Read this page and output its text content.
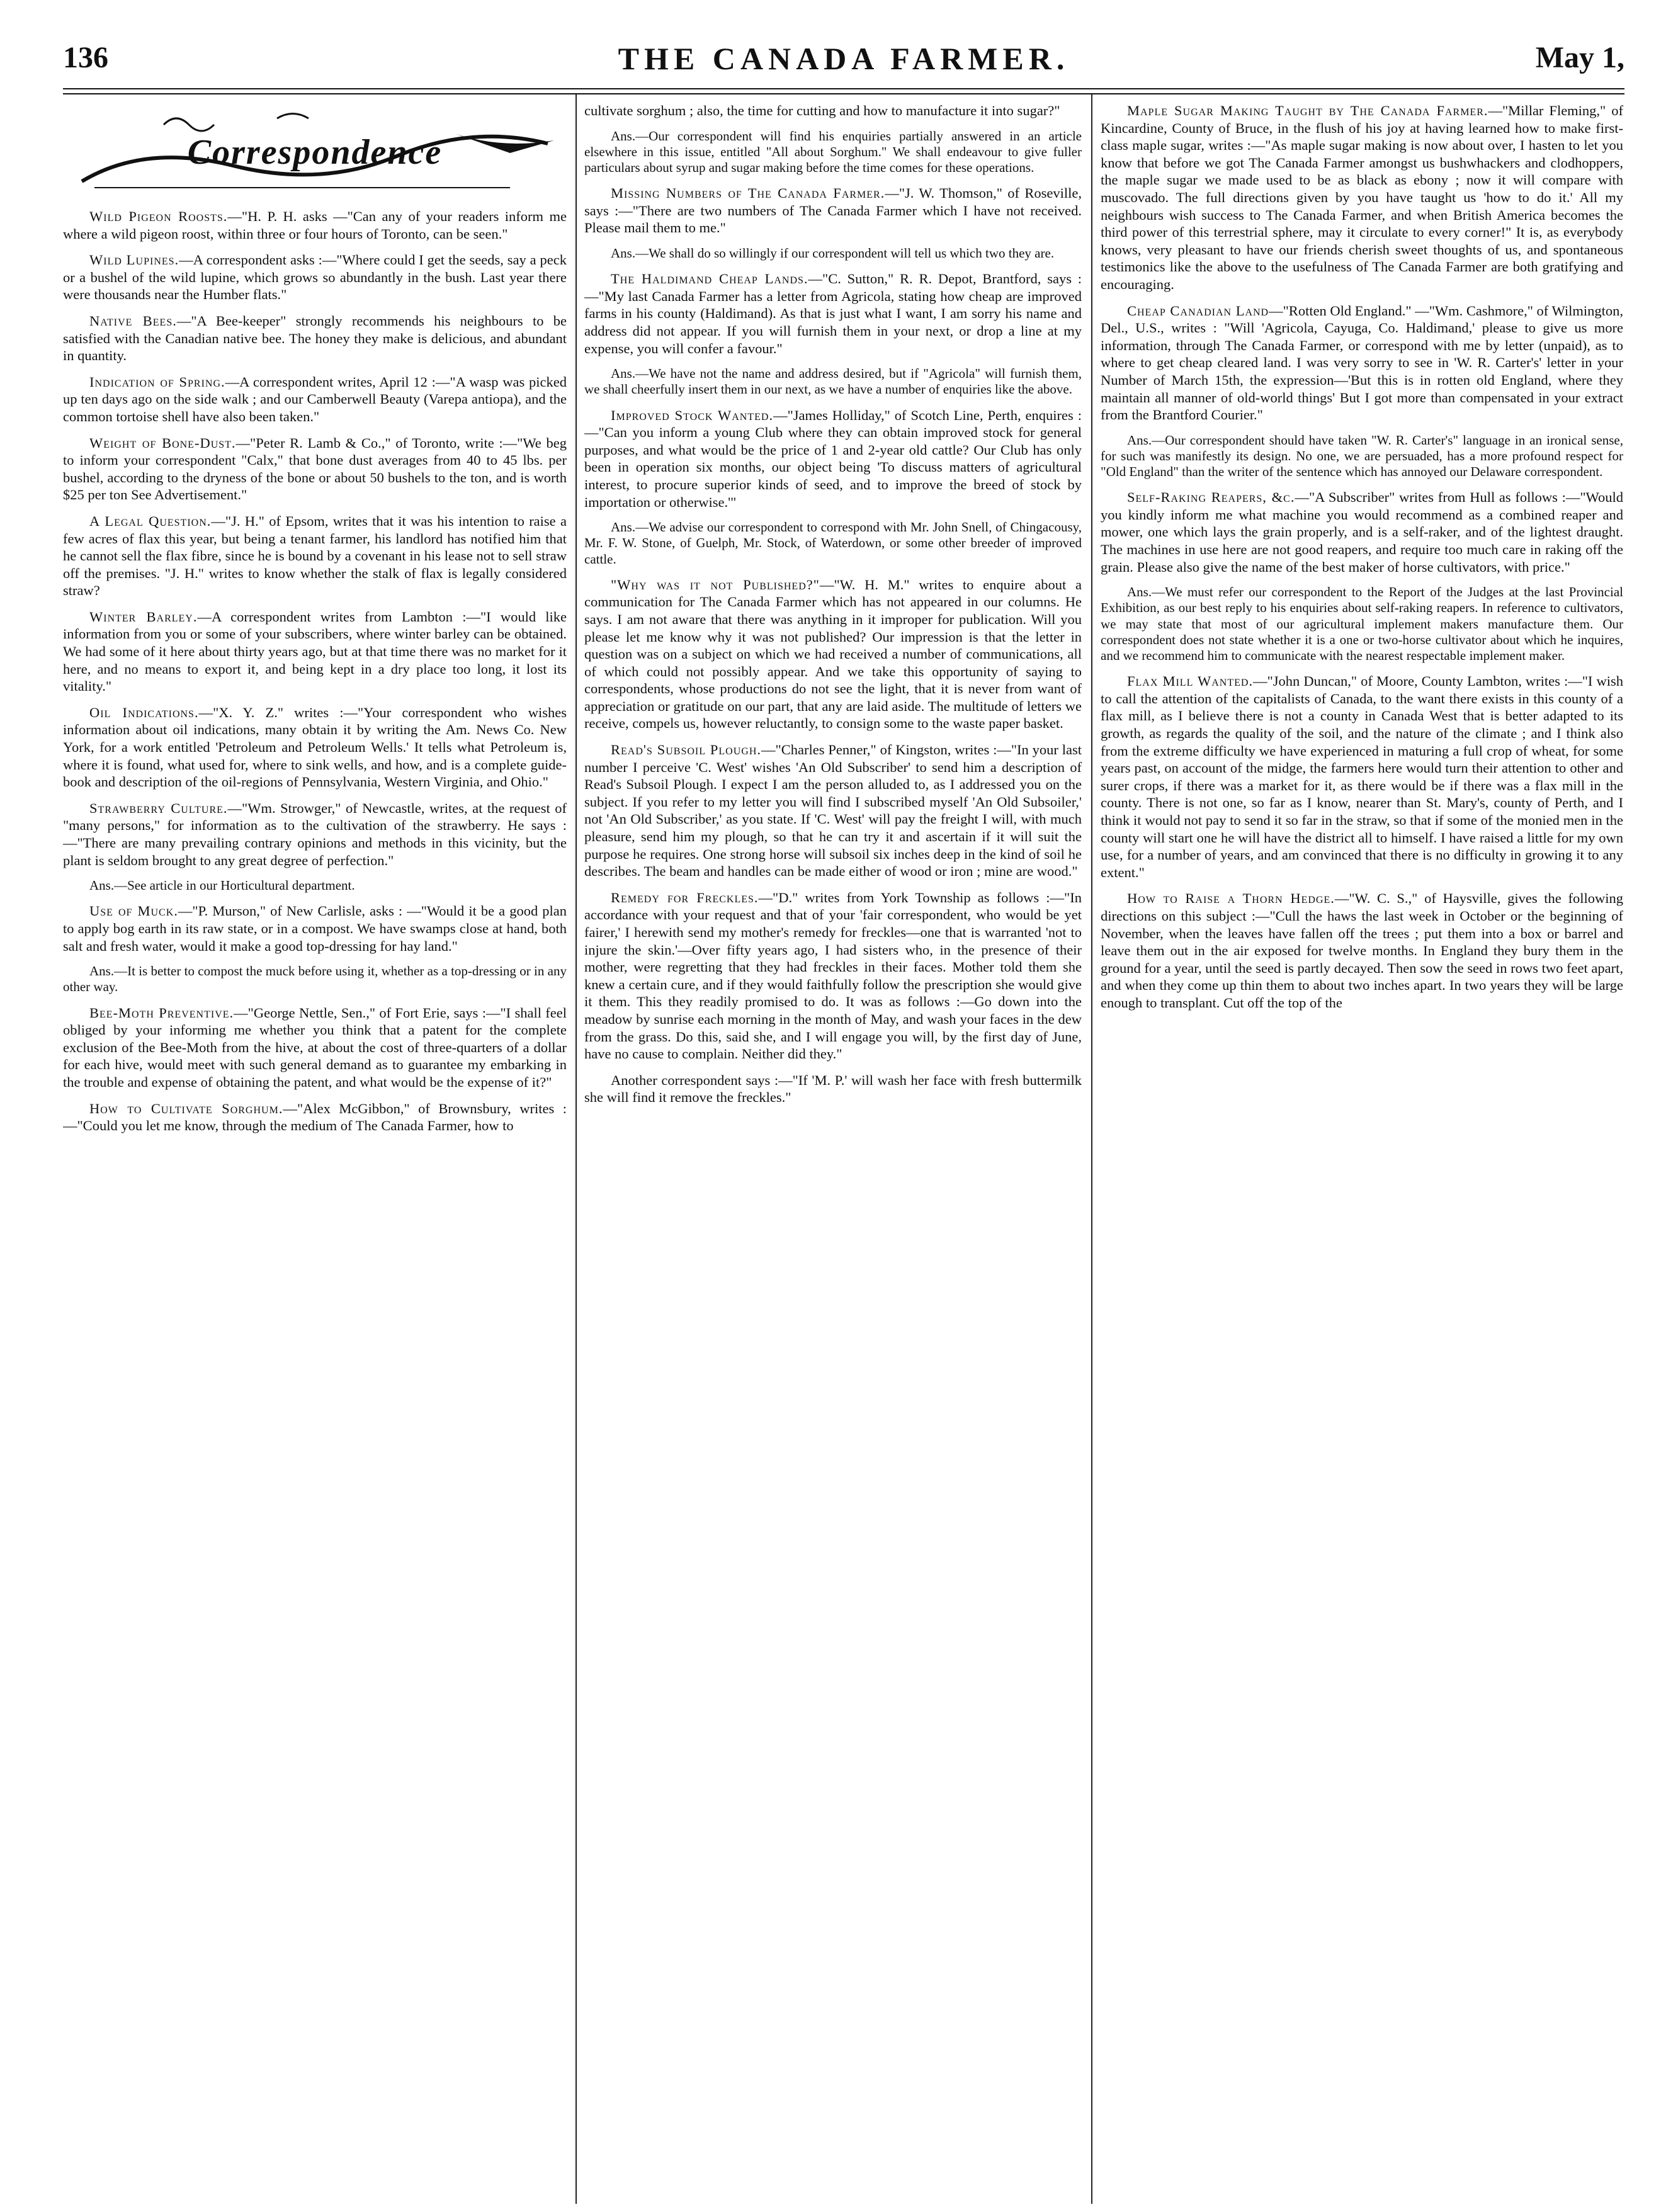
136	THE CANADA FARMER.	May 1,
Correspondence

Wild Pigeon Roosts.—"H. P. H. asks —"Can any of your readers inform me where a wild pigeon roost, within three or four hours of Toronto, can be seen."

Wild Lupines.—A correspondent asks :—"Where could I get the seeds, say a peck or a bushel of the wild lupine, which grows so abundantly in the bush. Last year there were thousands near the Humber flats."

Native Bees.—"A Bee-keeper" strongly recommends his neighbours to be satisfied with the Canadian native bee. The honey they make is delicious, and abundant in quantity.

Indication of Spring.—A correspondent writes, April 12 :—"A wasp was picked up ten days ago on the side walk ; and our Camberwell Beauty (Varepa antiopa), and the common tortoise shell have also been taken."

Weight of Bone-Dust.—"Peter R. Lamb & Co.," of Toronto, write :—"We beg to inform your correspondent "Calx," that bone dust averages from 40 to 45 lbs. per bushel, according to the dryness of the bone or about 50 bushels to the ton, and is worth $25 per ton See Advertisement."

A Legal Question.—"J. H." of Epsom, writes that it was his intention to raise a few acres of flax this year, but being a tenant farmer, his landlord has notified him that he cannot sell the flax fibre, since he is bound by a covenant in his lease not to sell straw off the premises. "J. H." writes to know whether the stalk of flax is legally considered straw?

Winter Barley.—A correspondent writes from Lambton :—"I would like information from you or some of your subscribers, where winter barley can be obtained. We had some of it here about thirty years ago, but at that time there was no market for it here, and no means to export it, and being kept in a dry place too long, it lost its vitality."

Oil Indications.—"X. Y. Z." writes :—"Your correspondent who wishes information about oil indications, many obtain it by writing the Am. News Co. New York, for a work entitled 'Petroleum and Petroleum Wells.' It tells what Petroleum is, where it is found, what used for, where to sink wells, and how, and is a complete guide-book and description of the oil-regions of Pennsylvania, Western Virginia, and Ohio."

Strawberry Culture.—"Wm. Strowger," of Newcastle, writes, at the request of "many persons," for information as to the cultivation of the strawberry. He says :—"There are many prevailing contrary opinions and methods in this vicinity, but the plant is seldom brought to any great degree of perfection."

Ans.—See article in our Horticultural department.

Use of Muck.—"P. Murson," of New Carlisle, asks : —"Would it be a good plan to apply bog earth in its raw state, or in a compost. We have swamps close at hand, both salt and fresh water, would it make a good top-dressing for hay land."

Ans.—It is better to compost the muck before using it, whether as a top-dressing or in any other way.

Bee-Moth Preventive.—"George Nettle, Sen.," of Fort Erie, says :—"I shall feel obliged by your informing me whether you think that a patent for the complete exclusion of the Bee-Moth from the hive, at about the cost of three-quarters of a dollar for each hive, would meet with such general demand as to guarantee my embarking in the trouble and expense of obtaining the patent, and what would be the expense of it?"

How to Cultivate Sorghum.—"Alex McGibbon," of Brownsbury, writes :—"Could you let me know, through the medium of The Canada Farmer, how to

cultivate sorghum ; also, the time for cutting and how to manufacture it into sugar?"

Ans.—Our correspondent will find his enquiries partially answered in an article elsewhere in this issue, entitled "All about Sorghum." We shall endeavour to give fuller particulars about syrup and sugar making before the time comes for these operations.

Missing Numbers of The Canada Farmer.—"J. W. Thomson," of Roseville, says :—"There are two numbers of The Canada Farmer which I have not received. Please mail them to me."

Ans.—We shall do so willingly if our correspondent will tell us which two they are.

The Haldimand Cheap Lands.—"C. Sutton," R. R. Depot, Brantford, says :—"My last Canada Farmer has a letter from Agricola, stating how cheap are improved farms in his county (Haldimand). As that is just what I want, I am sorry his name and address did not appear. If you will furnish them in your next, or drop a line at my expense, you will confer a favour."

Ans.—We have not the name and address desired, but if "Agricola" will furnish them, we shall cheerfully insert them in our next, as we have a number of enquiries like the above.

Improved Stock Wanted.—"James Holliday," of Scotch Line, Perth, enquires :—"Can you inform a young Club where they can obtain improved stock for general purposes, and what would be the price of 1 and 2-year old cattle? Our Club has only been in operation six months, our object being 'To discuss matters of agricultural interest, to procure superior kinds of seed, and to improve the breed of stock by importation or otherwise.'"

Ans.—We advise our correspondent to correspond with Mr. John Snell, of Chingacousy, Mr. F. W. Stone, of Guelph, Mr. Stock, of Waterdown, or some other breeder of improved cattle.

"Why was it not Published?"—"W. H. M." writes to enquire about a communication for The Canada Farmer which has not appeared in our columns. He says. I am not aware that there was anything in it improper for publication. Will you please let me know why it was not published? Our impression is that the letter in question was on a subject on which we had received a number of communications, all of which could not possibly appear. And we take this opportunity of saying to correspondents, whose productions do not see the light, that it is never from want of appreciation or gratitude on our part, that any are laid aside. The multitude of letters we receive, compels us, however reluctantly, to consign some to the waste paper basket.

Read's Subsoil Plough.—"Charles Penner," of Kingston, writes :—"In your last number I perceive 'C. West' wishes 'An Old Subscriber' to send him a description of Read's Subsoil Plough. I expect I am the person alluded to, as I addressed you on the subject. If you refer to my letter you will find I subscribed myself 'An Old Subsoiler,' not 'An Old Subscriber,' as you state. If 'C. West' will pay the freight I will, with much pleasure, send him my plough, so that he can try it and ascertain if it will suit the purpose he requires. One strong horse will subsoil six inches deep in the kind of soil he describes. The beam and handles can be made either of wood or iron ; mine are wood."

Remedy for Freckles.—"D." writes from York Township as follows :—"In accordance with your request and that of your 'fair correspondent, who would be yet fairer,' I herewith send my mother's remedy for freckles—one that is warranted 'not to injure the skin.'—Over fifty years ago, I had sisters who, in the presence of their mother, were regretting that they had freckles in their faces. Mother told them she knew a certain cure, and if they would faithfully follow the prescription she would give it them. This they readily promised to do. It was as follows :—Go down into the meadow by sunrise each morning in the month of May, and wash your faces in the dew from the grass. Do this, said she, and I will engage you will, by the first day of June, have no cause to complain. Neither did they."

Another correspondent says :—"If 'M. P.' will wash her face with fresh buttermilk she will find it remove the freckles."

Maple Sugar Making Taught by The Canada Farmer.—"Millar Fleming," of Kincardine, County of Bruce, in the flush of his joy at having learned how to make first-class maple sugar, writes :—"As maple sugar making is now about over, I hasten to let you know that before we got The Canada Farmer amongst us bushwhackers and clodhoppers, the maple sugar we made used to be as black as ebony ; now it will compare with muscovado. The full directions given by you have taught us 'how to do it.' All my neighbours wish success to The Canada Farmer, and when British America becomes the third power of this terrestrial sphere, may it circulate to every corner!" It is, as everybody knows, very pleasant to have our friends cherish sweet thoughts of us, and spontaneous testimonics like the above to the usefulness of The Canada Farmer are both gratifying and encouraging.

Cheap Canadian Land—"Rotten Old England." —"Wm. Cashmore," of Wilmington, Del., U.S., writes : "Will 'Agricola, Cayuga, Co. Haldimand,' please to give us more information, through The Canada Farmer, or correspond with me by letter (unpaid), as to where to get cheap cleared land. I was very sorry to see in 'W. R. Carter's' letter in your Number of March 15th, the expression—'But this is in rotten old England, where they maintain all manner of old-world things' But I got more than compensated in your extract from the Brantford Courier."

Ans.—Our correspondent should have taken "W. R. Carter's" language in an ironical sense, for such was manifestly its design. No one, we are persuaded, has a more profound respect for "Old England" than the writer of the sentence which has annoyed our Delaware correspondent.

Self-Raking Reapers, &c.—"A Subscriber" writes from Hull as follows :—"Would you kindly inform me what machine you would recommend as a combined reaper and mower, one which lays the grain properly, and is a self-raker, and of the lightest draught. The machines in use here are not good reapers, and require too much care in raking off the grain. Please also give the name of the best maker of horse cultivators, with price."

Ans.—We must refer our correspondent to the Report of the Judges at the last Provincial Exhibition, as our best reply to his enquiries about self-raking reapers. In reference to cultivators, we may state that most of our agricultural implement makers manufacture them. Our correspondent does not state whether it is a one or two-horse cultivator about which he inquires, and we recommend him to communicate with the nearest respectable implement maker.

Flax Mill Wanted.—"John Duncan," of Moore, County Lambton, writes :—"I wish to call the attention of the capitalists of Canada, to the want there exists in this county of a flax mill, as I believe there is not a county in Canada West that is better adapted to its growth, as regards the quality of the soil, and the nature of the climate ; and I think also from the extreme difficulty we have experienced in maturing a full crop of wheat, for some years past, on account of the midge, the farmers here would turn their attention to other and surer crops, if there was a market for it, as there would be if there was a flax mill in the county. There is not one, so far as I know, nearer than St. Mary's, county of Perth, and I think it would not pay to send it so far in the straw, so that if some of the monied men in the county will start one he will have the district all to himself. I have raised a little for my own use, for a number of years, and am convinced that there is no difficulty in growing it to any extent."

How to Raise a Thorn Hedge.—"W. C. S.," of Haysville, gives the following directions on this subject :—"Cull the haws the last week in October or the beginning of November, when the leaves have fallen off the trees ; put them into a box or barrel and leave them out in the air exposed for twelve months. In England they bury them in the ground for a year, until the seed is partly decayed. Then sow the seed in rows two feet apart, and when they come up thin them to about two inches apart. In two years they will be large enough to transplant. Cut off the top of the
